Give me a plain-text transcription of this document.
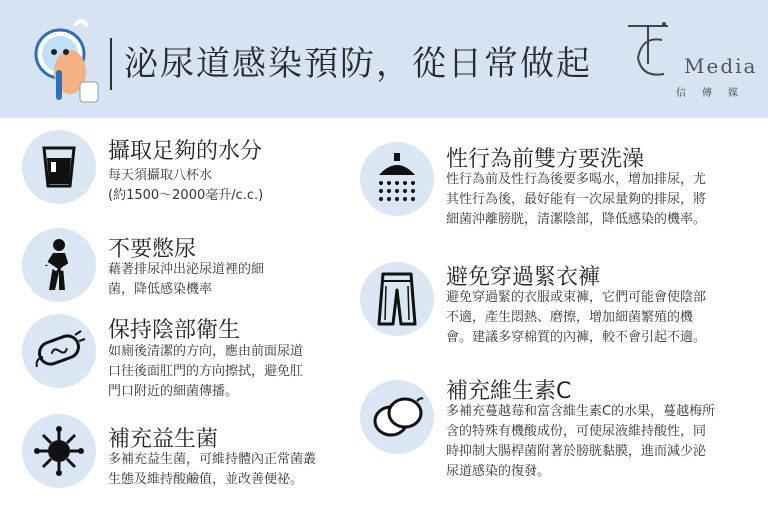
泌尿道感染預防，從日常做起	Media
信傳媒
攝取足夠的水分
每天須攝取八杯水
(約1500～2000毫升/c.c.)
不要憋尿
藉著排尿沖出泌尿道裡的細
菌，降低感染機率
保持陰部衛生
如廁後清潔的方向，應由前面尿道
口往後面肛門的方向擦拭，避免肛
門口附近的細菌傳播。
補充益生菌
多補充益生菌，可維持體內正常菌叢
生態及維持酸鹼值，並改善便祕。
性行為前雙方要洗澡
性行為前及性行為後要多喝水，增加排尿，尤
其性行為後，最好能有一次尿量夠的排尿，將
細菌沖離膀胱，清潔陰部，降低感染的機率。
避免穿過緊衣褲
避免穿過緊的衣服或束褲，它們可能會使陰部
不適，產生悶熱、磨擦，增加細菌繁殖的機
會。建議多穿棉質的內褲，較不會引起不適。
補充維生素C
多補充蔓越莓和富含維生素C的水果，蔓越梅所
含的特殊有機酸成份，可使尿液維持酸性，同
時抑制大腸桿菌附著於膀胱黏膜，進而減少泌
尿道感染的復發。
